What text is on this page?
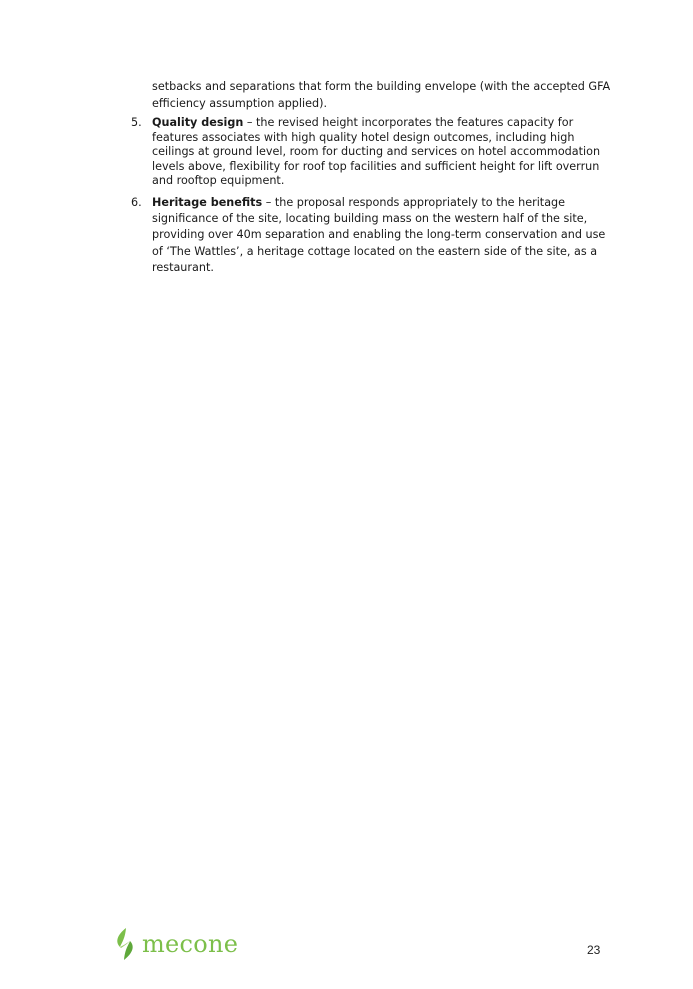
setbacks and separations that form the building envelope (with the accepted GFA efficiency assumption applied).

5. Quality design – the revised height incorporates the features capacity for features associates with high quality hotel design outcomes, including high ceilings at ground level, room for ducting and services on hotel accommodation levels above, flexibility for roof top facilities and sufficient height for lift overrun and rooftop equipment.
6. Heritage benefits – the proposal responds appropriately to the heritage significance of the site, locating building mass on the western half of the site, providing over 40m separation and enabling the long-term conservation and use of ‘The Wattles’, a heritage cottage located on the eastern side of the site, as a restaurant.
mecone	23
